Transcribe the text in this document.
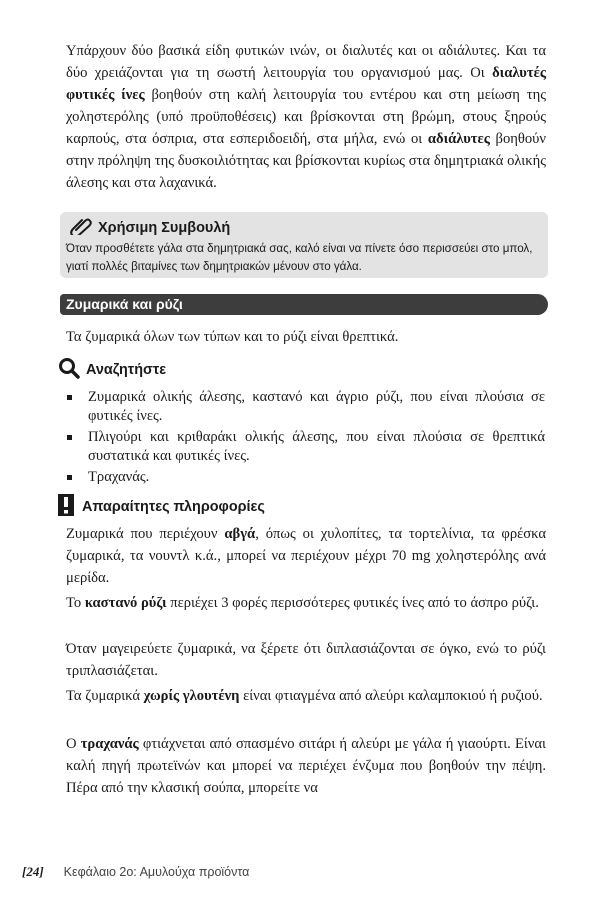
Υπάρχουν δύο βασικά είδη φυτικών ινών, οι διαλυτές και οι αδιάλυτες. Και τα δύο χρειάζονται για τη σωστή λειτουργία του οργανισμού μας. Οι διαλυτές φυτικές ίνες βοηθούν στη καλή λειτουργία του εντέρου και στη μείωση της χοληστερόλης (υπό προϋποθέσεις) και βρίσκονται στη βρώμη, στους ξηρούς καρπούς, στα όσπρια, στα εσπεριδοειδή, στα μήλα, ενώ οι αδιάλυτες βοηθούν στην πρόληψη της δυσκοιλιότητας και βρίσκονται κυρίως στα δημητριακά ολικής άλεσης και στα λαχανικά.

Χρήσιμη Συμβουλή
Όταν προσθέτετε γάλα στα δημητριακά σας, καλό είναι να πίνετε όσο περισσεύει στο μπολ, γιατί πολλές βιταμίνες των δημητριακών μένουν στο γάλα.
Ζυμαρικά και ρύζι

Τα ζυμαρικά όλων των τύπων και το ρύζι είναι θρεπτικά.

Αναζητήστε
Ζυμαρικά ολικής άλεσης, καστανό και άγριο ρύζι, που είναι πλούσια σε φυτικές ίνες.
Πλιγούρι και κριθαράκι ολικής άλεσης, που είναι πλούσια σε θρεπτικά συστατικά και φυτικές ίνες.
Τραχανάς.
Απαραίτητες πληροφορίες

Ζυμαρικά που περιέχουν αβγά, όπως οι χυλοπίτες, τα τορτελίνια, τα φρέσκα ζυμαρικά, τα νουντλ κ.ά., μπορεί να περιέχουν μέχρι 70 mg χοληστερόλης ανά μερίδα.

Το καστανό ρύζι περιέχει 3 φορές περισσότερες φυτικές ίνες από το άσπρο ρύζι.

Όταν μαγειρεύετε ζυμαρικά, να ξέρετε ότι διπλασιάζονται σε όγκο, ενώ το ρύζι τριπλασιάζεται.

Τα ζυμαρικά χωρίς γλουτένη είναι φτιαγμένα από αλεύρι καλαμποκιού ή ρυζιού.

Ο τραχανάς φτιάχνεται από σπασμένο σιτάρι ή αλεύρι με γάλα ή γιαούρτι. Είναι καλή πηγή πρωτεϊνών και μπορεί να περιέχει ένζυμα που βοηθούν την πέψη. Πέρα από την κλασική σούπα, μπορείτε να

[24] Κεφάλαιο 2ο: Αμυλούχα προϊόντα
